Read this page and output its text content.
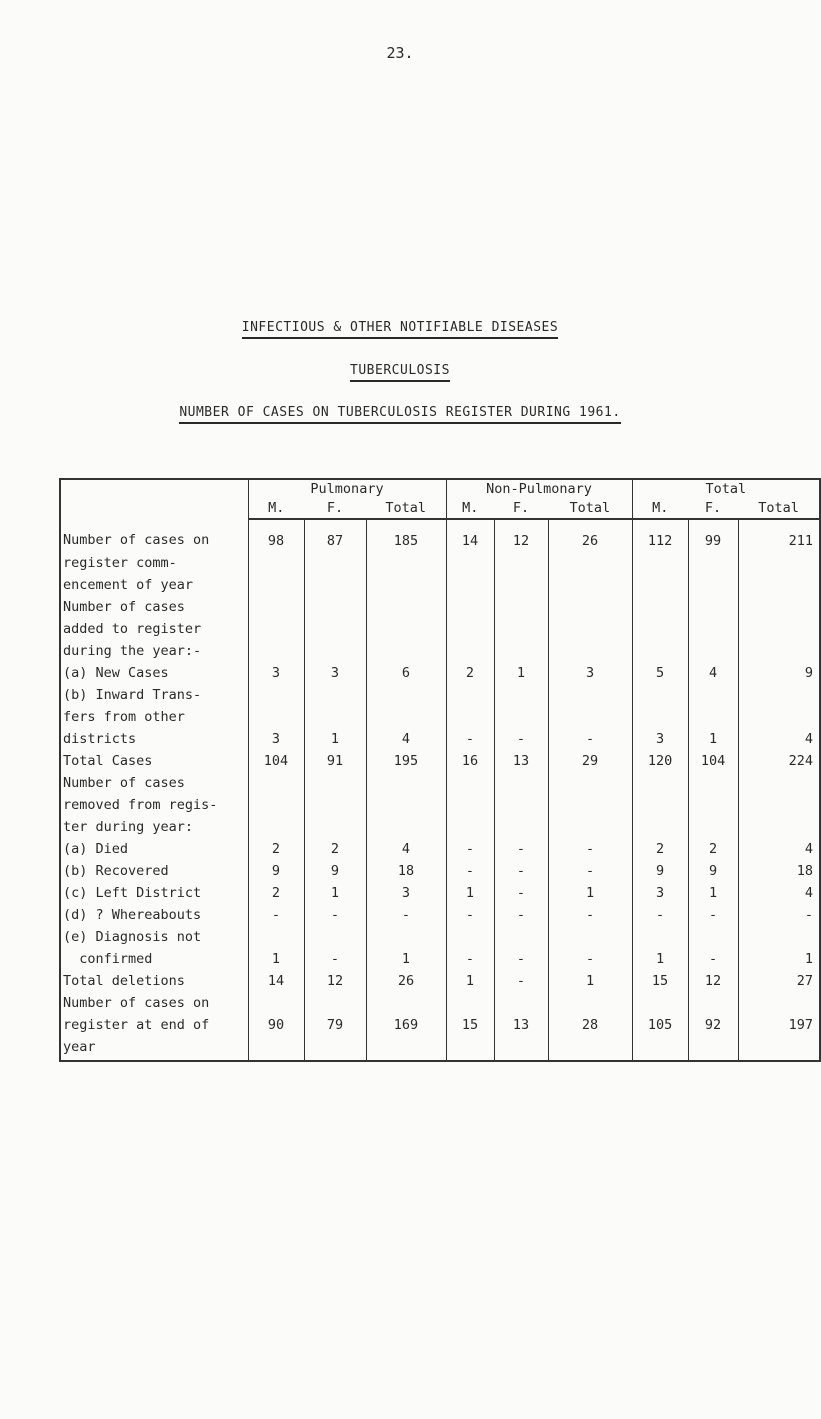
23.
INFECTIOUS & OTHER NOTIFIABLE DISEASES
TUBERCULOSIS
NUMBER OF CASES ON TUBERCULOSIS REGISTER DURING 1961.
	Pulmonary			Non-Pulmonary			Total		
	M.	F.	Total	M.	F.	Total	M.	F.	Total
Number of cases on	98	87	185	14	12	26	112	99	211
register comm-									
encement of year									
Number of cases									
added to register									
during the year:-									
(a) New Cases	3	3	6	2	1	3	5	4	9
(b) Inward Trans-									
fers from other									
districts	3	1	4	-	-	-	3	1	4
Total Cases	104	91	195	16	13	29	120	104	224
Number of cases									
removed from regis-									
ter during year:									
(a) Died	2	2	4	-	-	-	2	2	4
(b) Recovered	9	9	18	-	-	-	9	9	18
(c) Left District	2	1	3	1	-	1	3	1	4
(d) ? Whereabouts	-	-	-	-	-	-	-	-	-
(e) Diagnosis not									
confirmed	1	-	1	-	-	-	1	-	1
Total deletions	14	12	26	1	-	1	15	12	27
Number of cases on									
register at end of	90	79	169	15	13	28	105	92	197
year									
